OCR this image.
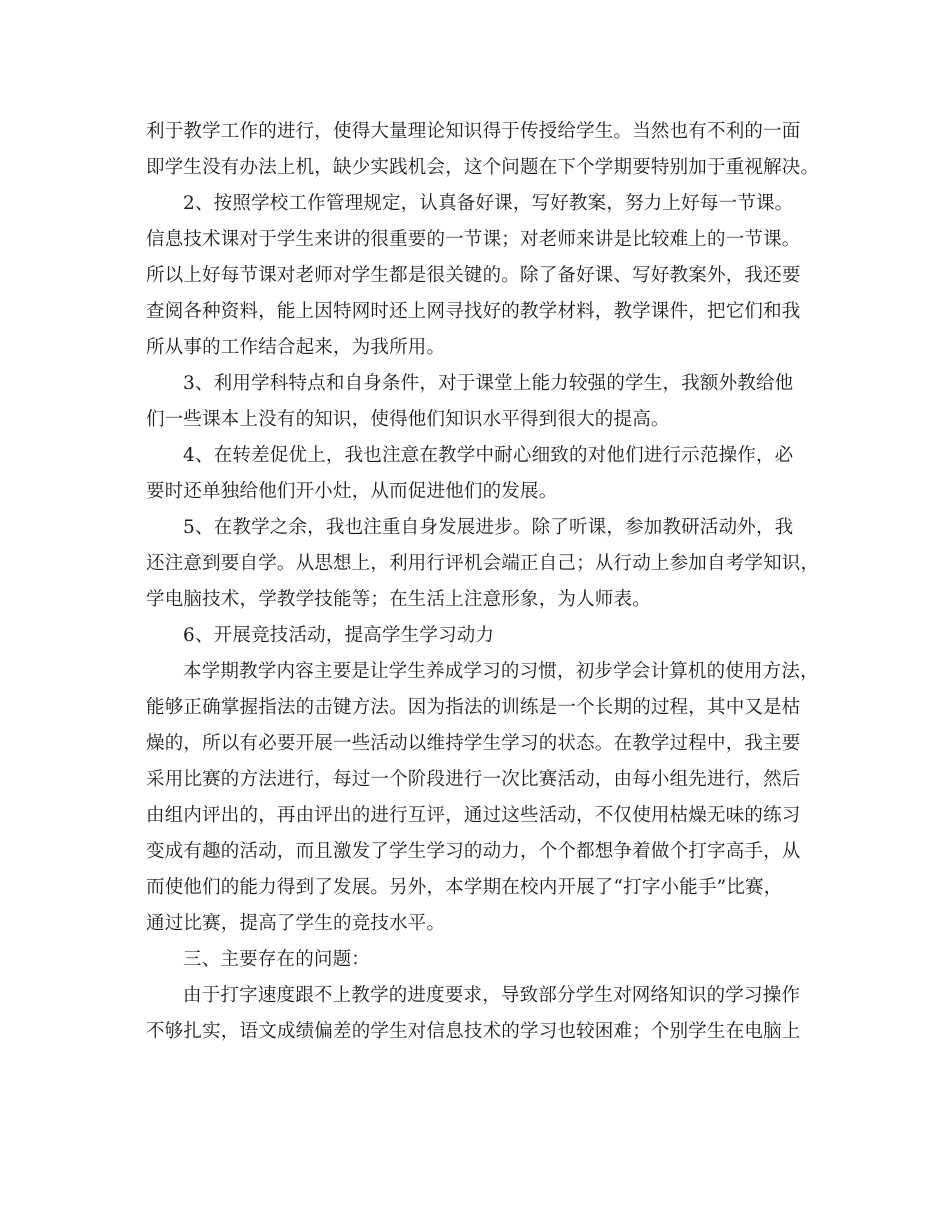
利于教学工作的进行，使得大量理论知识得于传授给学生。当然也有不利的一面
即学生没有办法上机，缺少实践机会，这个问题在下个学期要特别加于重视解决。
2、按照学校工作管理规定，认真备好课，写好教案，努力上好每一节课。
信息技术课对于学生来讲的很重要的一节课；对老师来讲是比较难上的一节课。
所以上好每节课对老师对学生都是很关键的。除了备好课、写好教案外，我还要
查阅各种资料，能上因特网时还上网寻找好的教学材料，教学课件，把它们和我
所从事的工作结合起来，为我所用。
3、利用学科特点和自身条件，对于课堂上能力较强的学生，我额外教给他
们一些课本上没有的知识，使得他们知识水平得到很大的提高。
4、在转差促优上，我也注意在教学中耐心细致的对他们进行示范操作，必
要时还单独给他们开小灶，从而促进他们的发展。
5、在教学之余，我也注重自身发展进步。除了听课，参加教研活动外，我
还注意到要自学。从思想上，利用行评机会端正自己；从行动上参加自考学知识，
学电脑技术，学教学技能等；在生活上注意形象，为人师表。
6、开展竞技活动，提高学生学习动力
本学期教学内容主要是让学生养成学习的习惯，初步学会计算机的使用方法，
能够正确掌握指法的击键方法。因为指法的训练是一个长期的过程，其中又是枯
燥的，所以有必要开展一些活动以维持学生学习的状态。在教学过程中，我主要
采用比赛的方法进行，每过一个阶段进行一次比赛活动，由每小组先进行，然后
由组内评出的，再由评出的进行互评，通过这些活动，不仅使用枯燥无味的练习
变成有趣的活动，而且激发了学生学习的动力，个个都想争着做个打字高手，从
而使他们的能力得到了发展。另外，本学期在校内开展了“打字小能手”比赛，
通过比赛，提高了学生的竞技水平。
三、主要存在的问题：
由于打字速度跟不上教学的进度要求，导致部分学生对网络知识的学习操作
不够扎实，语文成绩偏差的学生对信息技术的学习也较困难；个别学生在电脑上
